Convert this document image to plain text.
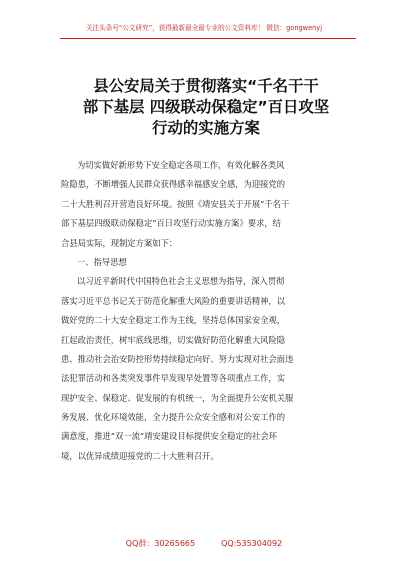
关注头条号“公文研究”，获得最新最全最专业的公文资料库！ 微信：gongwenyj
县公安局关于贯彻落实“千名干干
部下基层 四级联动保稳定”百日攻坚
行动的实施方案
为切实做好新形势下安全稳定各项工作，有效化解各类风
险隐患，不断增强人民群众获得感幸福感安全感，为迎接党的
二十大胜利召开营造良好环境。按照《靖安县关于开展“千名干
部下基层四级联动保稳定”百日攻坚行动实施方案》要求，结
合县局实际，现制定方案如下：
一、指导思想
以习近平新时代中国特色社会主义思想为指导，深入贯彻
落实习近平总书记关于防范化解重大风险的重要讲话精神，以
做好党的二十大安全稳定工作为主线，坚持总体国家安全观，
扛起政治责任，树牢底线思维，切实做好防范化解重大风险隐
患、推动社会治安防控形势持续稳定向好、努力实现对社会面违
法犯罪活动和各类突发事件早发现早处置等各项重点工作，实
现护安全、保稳定、促发展的有机统一，为全面提升公安机关服
务发展、优化环境效能，全力提升公众安全感和对公安工作的
满意度，推进“双一流”靖安建设目标提供安全稳定的社会环
境，以优异成绩迎接党的二十大胜利召开。
QQ群：30265665	QQ:535304092
